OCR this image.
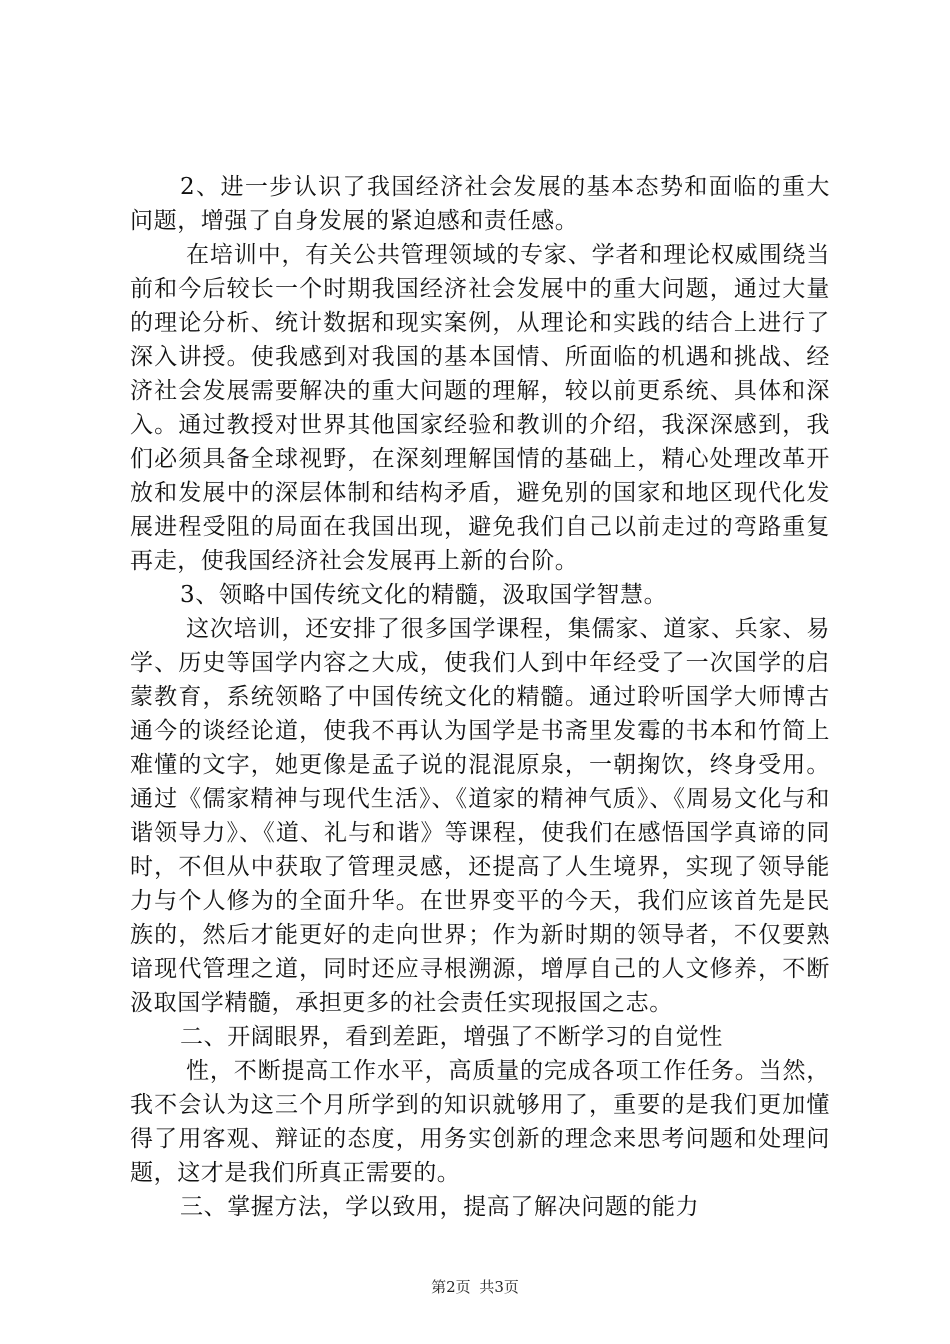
2、进一步认识了我国经济社会发展的基本态势和面临的重大问题，增强了自身发展的紧迫感和责任感。

在培训中，有关公共管理领域的专家、学者和理论权威围绕当前和今后较长一个时期我国经济社会发展中的重大问题，通过大量的理论分析、统计数据和现实案例，从理论和实践的结合上进行了深入讲授。使我感到对我国的基本国情、所面临的机遇和挑战、经济社会发展需要解决的重大问题的理解，较以前更系统、具体和深入。通过教授对世界其他国家经验和教训的介绍，我深深感到，我们必须具备全球视野，在深刻理解国情的基础上，精心处理改革开放和发展中的深层体制和结构矛盾，避免别的国家和地区现代化发展进程受阻的局面在我国出现，避免我们自己以前走过的弯路重复再走，使我国经济社会发展再上新的台阶。

3、领略中国传统文化的精髓，汲取国学智慧。

这次培训，还安排了很多国学课程，集儒家、道家、兵家、易学、历史等国学内容之大成，使我们人到中年经受了一次国学的启蒙教育，系统领略了中国传统文化的精髓。通过聆听国学大师博古通今的谈经论道，使我不再认为国学是书斋里发霉的书本和竹简上难懂的文字，她更像是孟子说的混混原泉，一朝掬饮，终身受用。通过《儒家精神与现代生活》、《道家的精神气质》、《周易文化与和谐领导力》、《道、礼与和谐》等课程，使我们在感悟国学真谛的同时，不但从中获取了管理灵感，还提高了人生境界，实现了领导能力与个人修为的全面升华。在世界变平的今天，我们应该首先是民族的，然后才能更好的走向世界；作为新时期的领导者，不仅要熟谙现代管理之道，同时还应寻根溯源，增厚自己的人文修养，不断汲取国学精髓，承担更多的社会责任实现报国之志。

二、开阔眼界，看到差距，增强了不断学习的自觉性

性，不断提高工作水平，高质量的完成各项工作任务。当然，我不会认为这三个月所学到的知识就够用了，重要的是我们更加懂得了用客观、辩证的态度，用务实创新的理念来思考问题和处理问题，这才是我们所真正需要的。

三、掌握方法，学以致用，提高了解决问题的能力

第2页 共3页
